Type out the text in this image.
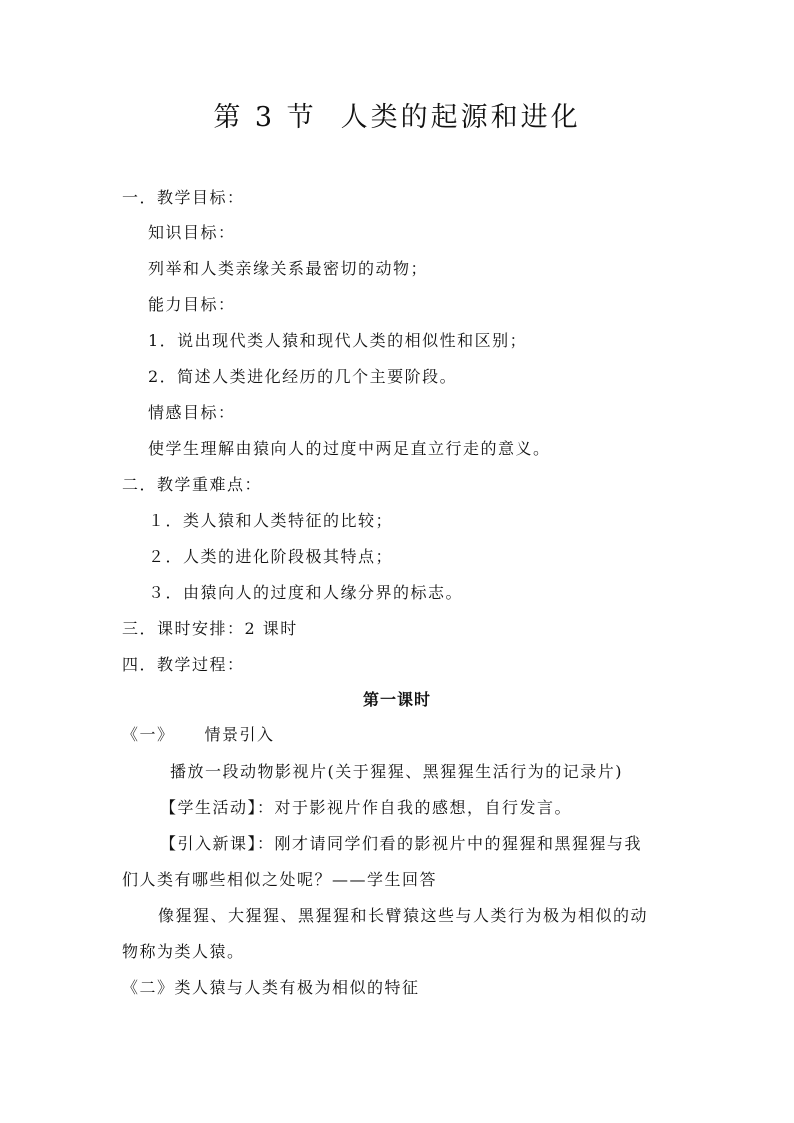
第 3 节 人类的起源和进化
一．教学目标：
知识目标：
列举和人类亲缘关系最密切的动物；
能力目标：
1．说出现代类人猿和现代人类的相似性和区别；
2．简述人类进化经历的几个主要阶段。
情感目标：
使学生理解由猿向人的过度中两足直立行走的意义。
二．教学重难点：
１．类人猿和人类特征的比较；
２．人类的进化阶段极其特点；
３．由猿向人的过度和人缘分界的标志。
三．课时安排：2 课时
四．教学过程：
第一课时
《一》 情景引入
播放一段动物影视片(关于猩猩、黑猩猩生活行为的记录片)
【学生活动】：对于影视片作自我的感想，自行发言。
【引入新课】：刚才请同学们看的影视片中的猩猩和黑猩猩与我
们人类有哪些相似之处呢？——学生回答
像猩猩、大猩猩、黑猩猩和长臂猿这些与人类行为极为相似的动
物称为类人猿。
《二》类人猿与人类有极为相似的特征
